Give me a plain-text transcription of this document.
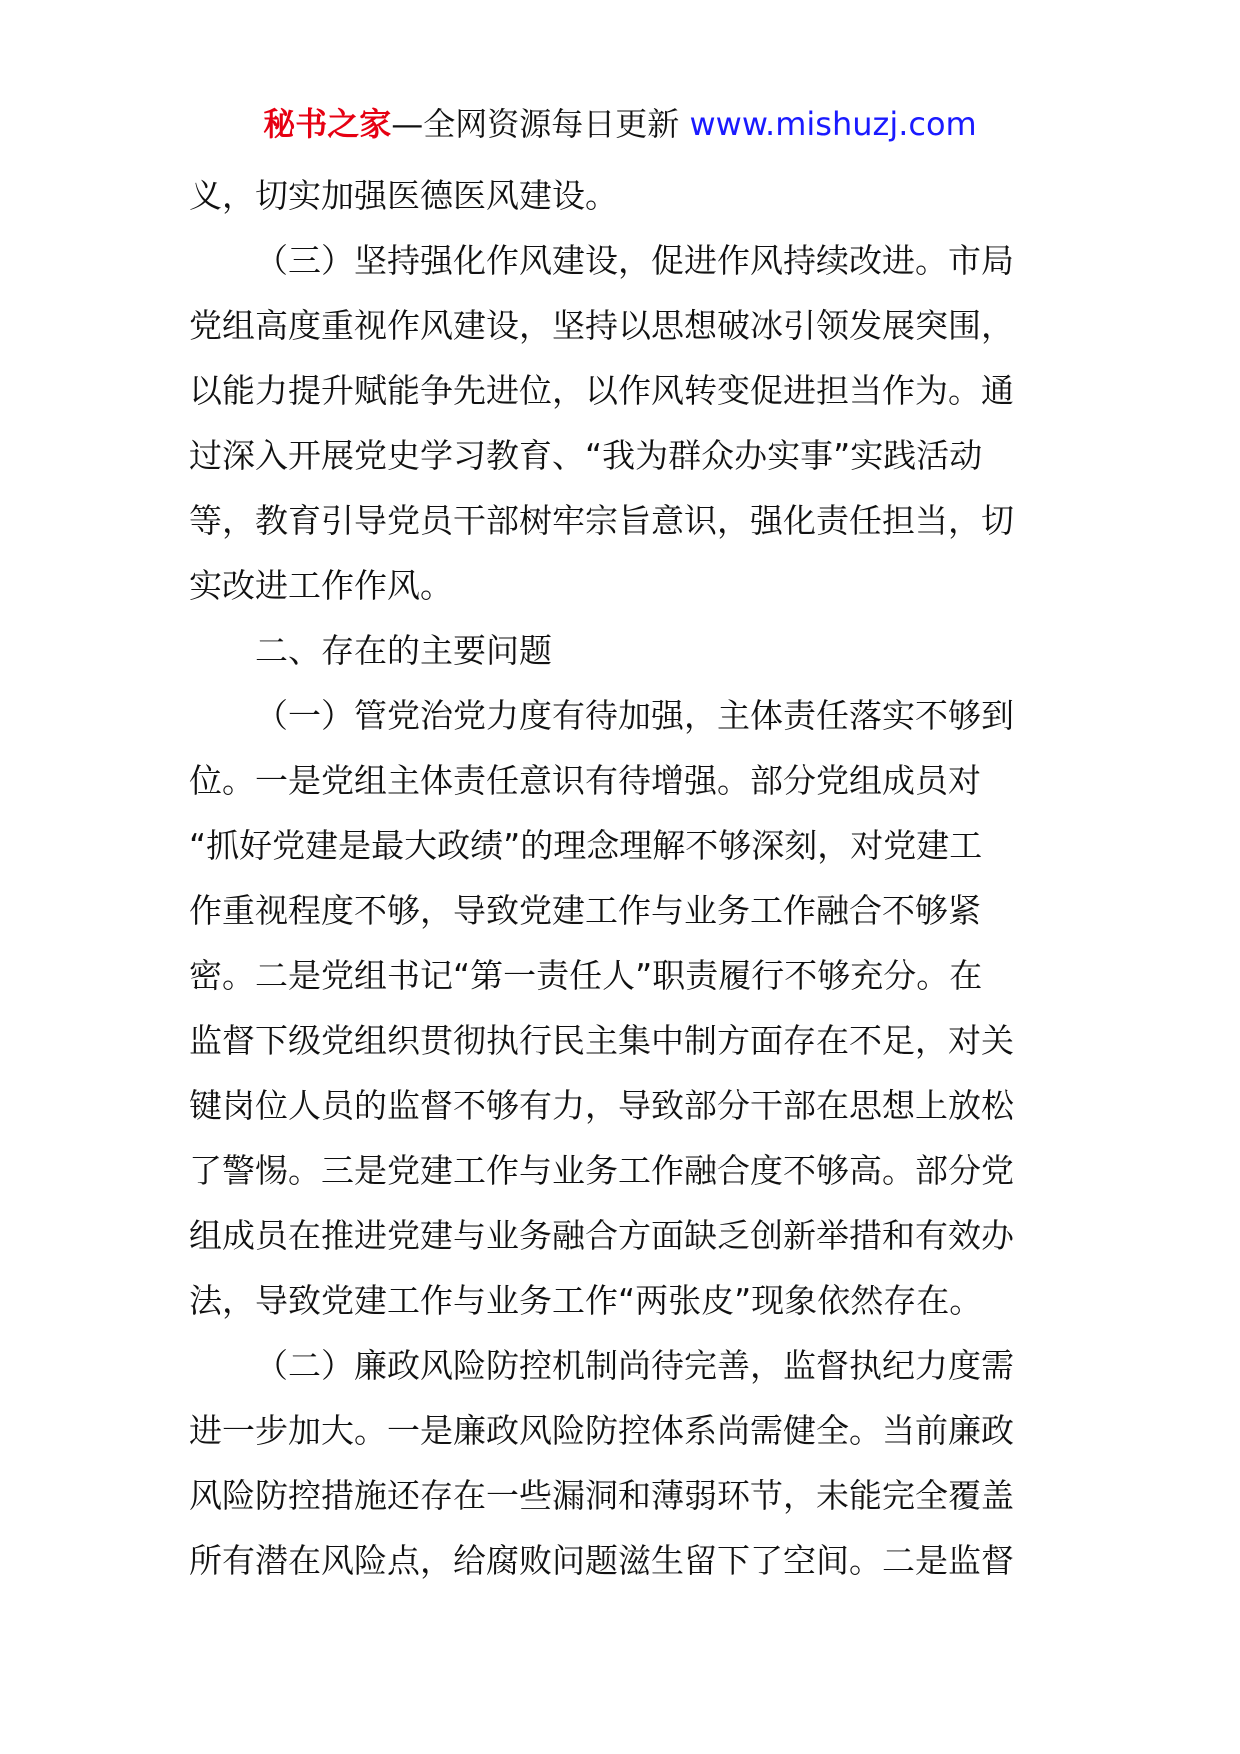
秘书之家—全网资源每日更新 www.mishuzj.com
义，切实加强医德医风建设。
（三）坚持强化作风建设，促进作风持续改进。市局
党组高度重视作风建设，坚持以思想破冰引领发展突围，
以能力提升赋能争先进位，以作风转变促进担当作为。通
过深入开展党史学习教育、“我为群众办实事”实践活动
等，教育引导党员干部树牢宗旨意识，强化责任担当，切
实改进工作作风。
二、存在的主要问题
（一）管党治党力度有待加强，主体责任落实不够到
位。一是党组主体责任意识有待增强。部分党组成员对
“抓好党建是最大政绩”的理念理解不够深刻，对党建工
作重视程度不够，导致党建工作与业务工作融合不够紧
密。二是党组书记“第一责任人”职责履行不够充分。在
监督下级党组织贯彻执行民主集中制方面存在不足，对关
键岗位人员的监督不够有力，导致部分干部在思想上放松
了警惕。三是党建工作与业务工作融合度不够高。部分党
组成员在推进党建与业务融合方面缺乏创新举措和有效办
法，导致党建工作与业务工作“两张皮”现象依然存在。
（二）廉政风险防控机制尚待完善，监督执纪力度需
进一步加大。一是廉政风险防控体系尚需健全。当前廉政
风险防控措施还存在一些漏洞和薄弱环节，未能完全覆盖
所有潜在风险点，给腐败问题滋生留下了空间。二是监督
